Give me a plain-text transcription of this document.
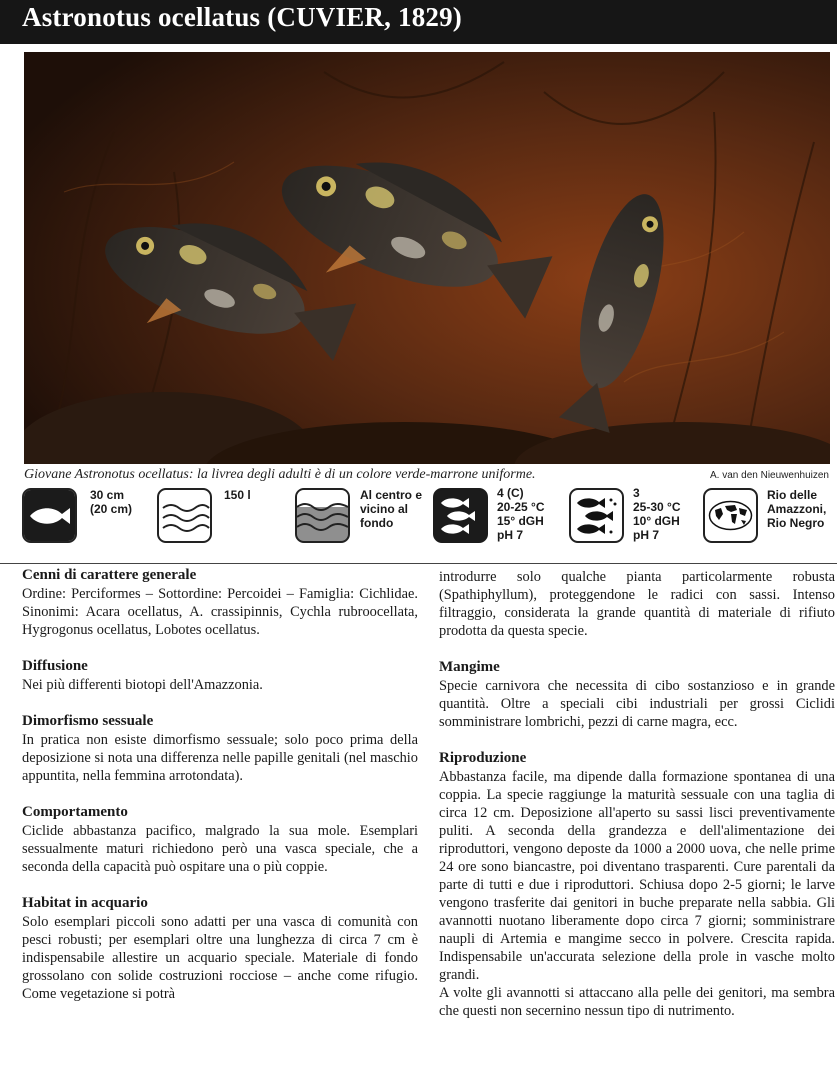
Astronotus ocellatus (CUVIER, 1829)
Giovane Astronotus ocellatus: la livrea degli adulti è di un colore verde-marrone uniforme.	A. van den Nieuwenhuizen
30 cm
(20 cm)
150 l	Al centro e
vicino al
fondo
4 (C)
20-25 °C
15° dGH
pH 7
3
25-30 °C
10° dGH
pH 7
Rio delle
Amazzoni,
Rio Negro
Cenni di carattere generale

Ordine: Perciformes – Sottordine: Percoidei – Famiglia: Cichlidae. Sinonimi: Acara ocellatus, A. crassipinnis, Cychla rubroocellata, Hygrogonus ocellatus, Lobotes ocellatus.

Diffusione

Nei più differenti biotopi dell'Amazzonia.

Dimorfismo sessuale

In pratica non esiste dimorfismo sessuale; solo poco prima della deposizione si nota una differenza nelle papille genitali (nel maschio appuntita, nella femmina arrotondata).

Comportamento

Ciclide abbastanza pacifico, malgrado la sua mole. Esemplari sessualmente maturi richiedono però una vasca speciale, che a seconda della capacità può ospitare una o più coppie.

Habitat in acquario

Solo esemplari piccoli sono adatti per una vasca di comunità con pesci robusti; per esemplari oltre una lunghezza di circa 7 cm è indispensabile allestire un acquario speciale. Materiale di fondo grossolano con solide costruzioni rocciose – anche come rifugio. Come vegetazione si potrà

introdurre solo qualche pianta particolarmente robusta (Spathiphyllum), proteggendone le radici con sassi. Intenso filtraggio, considerata la grande quantità di materiale di rifiuto prodotta da questa specie.

Mangime

Specie carnivora che necessita di cibo sostanzioso e in grande quantità. Oltre a speciali cibi industriali per grossi Ciclidi somministrare lombrichi, pezzi di carne magra, ecc.

Riproduzione

Abbastanza facile, ma dipende dalla formazione spontanea di una coppia. La specie raggiunge la maturità sessuale con una taglia di circa 12 cm. Deposizione all'aperto su sassi lisci preventivamente puliti. A seconda della grandezza e dell'alimentazione dei riproduttori, vengono deposte da 1000 a 2000 uova, che nelle prime 24 ore sono biancastre, poi diventano trasparenti. Cure parentali da parte di tutti e due i riproduttori. Schiusa dopo 2-5 giorni; le larve vengono trasferite dai genitori in buche preparate nella sabbia. Gli avannotti nuotano liberamente dopo circa 7 giorni; somministrare naupli di Artemia e mangime secco in polvere. Crescita rapida. Indispensabile un'accurata selezione della prole in vasche molto grandi.

A volte gli avannotti si attaccano alla pelle dei genitori, ma sembra che questi non secernino nessun tipo di nutrimento.
